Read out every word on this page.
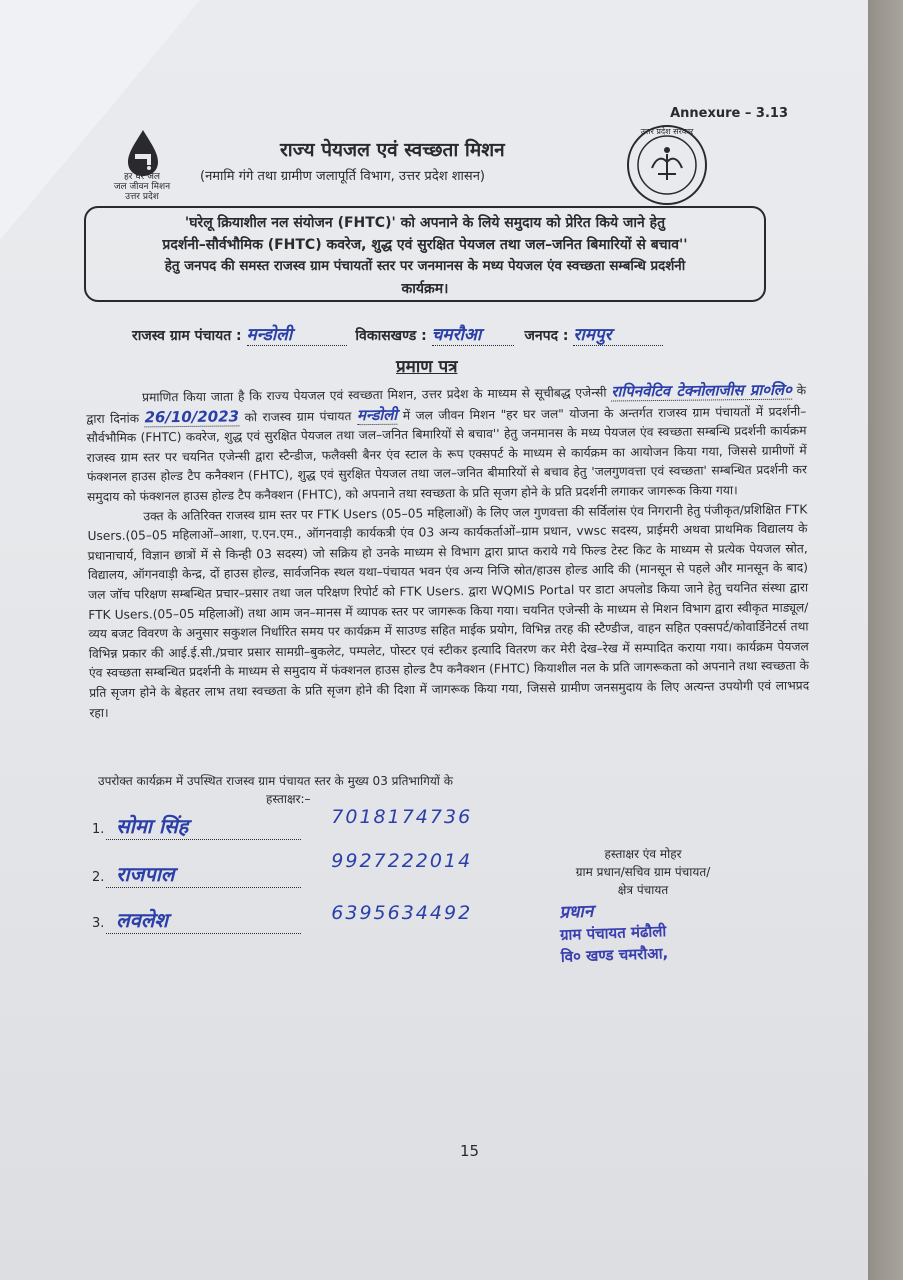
Annexure – 3.13
हर घर जल
जल जीवन मिशन
उत्तर प्रदेश
उत्तर प्रदेश सरकार
राज्य पेयजल एवं स्वच्छता मिशन
(नमामि गंगे तथा ग्रामीण जलापूर्ति विभाग, उत्तर प्रदेश शासन)
'घरेलू क्रियाशील नल संयोजन (FHTC)' को अपनाने के लिये समुदाय को प्रेरित किये जाने हेतु
प्रदर्शनी–सौर्वभौमिक (FHTC) कवरेज, शुद्ध एवं सुरक्षित पेयजल तथा जल–जनित बिमारियों से बचाव''
हेतु जनपद की समस्त राजस्व ग्राम पंचायतों स्तर पर जनमानस के मध्य पेयजल एंव स्वच्छता सम्बन्धि प्रदर्शनी
कार्यक्रम।
राजस्व ग्राम पंचायत : मन्डोली	विकासखण्ड : चमरौआ	जनपद : रामपुर
प्रमाण पत्र

प्रमाणित किया जाता है कि राज्य पेयजल एवं स्वच्छता मिशन, उत्तर प्रदेश के माध्यम से सूचीबद्ध एजेन्सी रापिनवेटिव टेक्नोलाजीस प्रा०लि० के द्वारा दिनांक 26/10/2023 को राजस्व ग्राम पंचायत मन्डोली में जल जीवन मिशन "हर घर जल" योजना के अन्तर्गत राजस्व ग्राम पंचायतों में प्रदर्शनी–सौर्वभौमिक (FHTC) कवरेज, शुद्ध एवं सुरक्षित पेयजल तथा जल–जनित बिमारियों से बचाव'' हेतु जनमानस के मध्य पेयजल एंव स्वच्छता सम्बन्धि प्रदर्शनी कार्यक्रम राजस्व ग्राम स्तर पर चयनित एजेन्सी द्वारा स्टैन्डीज, फलैक्सी बैनर एंव स्टाल के रूप एक्सपर्ट के माध्यम से कार्यक्रम का आयोजन किया गया, जिससे ग्रामीणों में फंक्शनल हाउस होल्ड टैप कनैक्शन (FHTC), शुद्ध एवं सुरक्षित पेयजल तथा जल–जनित बीमारियों से बचाव हेतु 'जलगुणवत्ता एवं स्वच्छता' सम्बन्धित प्रदर्शनी कर समुदाय को फंक्शनल हाउस होल्ड टैप कनैक्शन (FHTC), को अपनाने तथा स्वच्छता के प्रति सृजग होने के प्रति प्रदर्शनी लगाकर जागरूक किया गया।

उक्त के अतिरिक्त राजस्व ग्राम स्तर पर FTK Users (05–05 महिलाओं) के लिए जल गुणवत्ता की सर्विलांस एंव निगरानी हेतु पंजीकृत/प्रशिक्षित FTK Users.(05–05 महिलाओं–आशा, ए.एन.एम., ऑगनवाड़ी कार्यकत्री एंव 03 अन्य कार्यकर्ताओं–ग्राम प्रधान, vwsc सदस्य, प्राईमरी अथवा प्राथमिक विद्यालय के प्रधानाचार्य, विज्ञान छात्रों में से किन्ही 03 सदस्य) जो सक्रिय हो उनके माध्यम से विभाग द्वारा प्राप्त कराये गये फिल्ड टेस्ट किट के माध्यम से प्रत्येक पेयजल स्रोत, विद्यालय, ऑगनवाड़ी केन्द्र, दों हाउस होल्ड, सार्वजनिक स्थल यथा–पंचायत भवन एंव अन्य निजि स्रोत/हाउस होल्ड आदि की (मानसून से पहले और मानसून के बाद) जल जॉच परिक्षण सम्बन्धित प्रचार–प्रसार तथा जल परिक्षण रिपोर्ट को FTK Users. द्वारा WQMIS Portal पर डाटा अपलोड किया जाने हेतु चयनित संस्था द्वारा FTK Users.(05–05 महिलाओं) तथा आम जन–मानस में व्यापक स्तर पर जागरूक किया गया। चयनित एजेन्सी के माध्यम से मिशन विभाग द्वारा स्वीकृत माड्यूल/व्यय बजट विवरण के अनुसार सकुशल निर्धारित समय पर कार्यक्रम में साउण्ड सहित माईक प्रयोग, विभिन्न तरह की स्टैण्डीज, वाहन सहित एक्सपर्ट/कोवार्डिनेटर्स तथा विभिन्न प्रकार की आई.ई.सी./प्रचार प्रसार सामग्री–बुकलेट, पम्पलेट, पोस्टर एवं स्टीकर इत्यादि वितरण कर मेरी देख–रेख में सम्पादित कराया गया। कार्यक्रम पेयजल एंव स्वच्छता सम्बन्धित प्रदर्शनी के माध्यम से समुदाय में फंक्शनल हाउस होल्ड टैप कनैक्शन (FHTC) कियाशील नल के प्रति जागरूकता को अपनाने तथा स्वच्छता के प्रति सृजग होने के बेहतर लाभ तथा स्वच्छता के प्रति सृजग होने की दिशा में जागरूक किया गया, जिससे ग्रामीण जनसमुदाय के लिए अत्यन्त उपयोगी एवं लाभप्रद रहा।

उपरोक्त कार्यक्रम में उपस्थित राजस्व ग्राम पंचायत स्तर के मुख्य 03 प्रतिभागियों के
हस्ताक्षर:–
1. सोमा सिंह	7018174736
2. राजपाल 9927222014
3. लवलेश	6395634492
हस्ताक्षर एंव मोहर
ग्राम प्रधान/सचिव ग्राम पंचायत/
क्षेत्र पंचायत
प्रधान
ग्राम पंचायत मंढौली
वि० खण्ड चमरौआ,
15
